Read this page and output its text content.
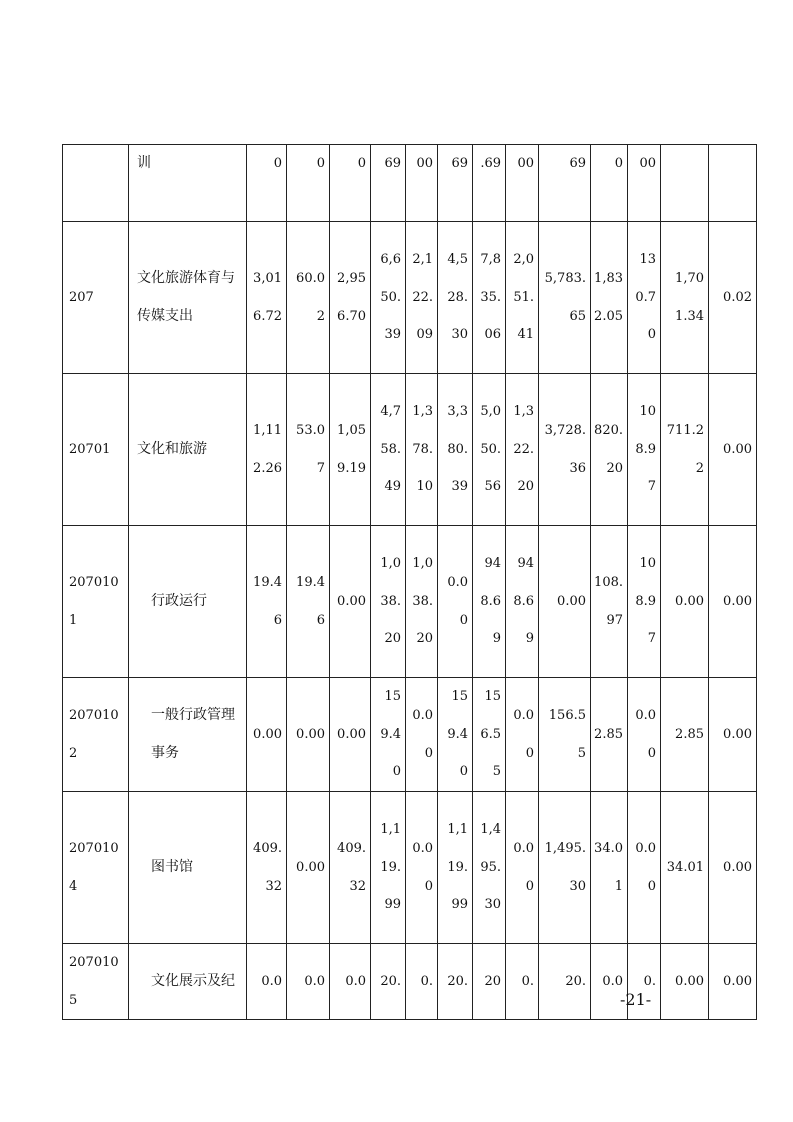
	训	0	0	0	69	00	69	.69	00	69	0	00		
207	文化旅游体育与传媒支出	3,016.72	60.02	2,956.70	6,650.39	2,122.09	4,528.30	7,835.06	2,051.41	5,783.65	1,832.05	130.70	1,701.34	0.02
20701	文化和旅游	1,112.26	53.07	1,059.19	4,758.49	1,378.10	3,380.39	5,050.56	1,322.20	3,728.36	820.20	108.97	711.22	0.00
2070101	行政运行	19.46	19.46	0.00	1,038.20	1,038.20	0.00	948.69	948.69	0.00	108.97	108.97	0.00	0.00
2070102	一般行政管理事务	0.00	0.00	0.00	159.40	0.00	159.40	156.55	0.00	156.55	2.85	0.00	2.85	0.00
2070104	图书馆	409.32	0.00	409.32	1,119.99	0.00	1,119.99	1,495.30	0.00	1,495.30	34.01	0.00	34.01	0.00
2070105	文化展示及纪	0.0	0.0	0.0	20.	0.	20.	20	0.	20.	0.0	0.	0.00	0.00
-21-
